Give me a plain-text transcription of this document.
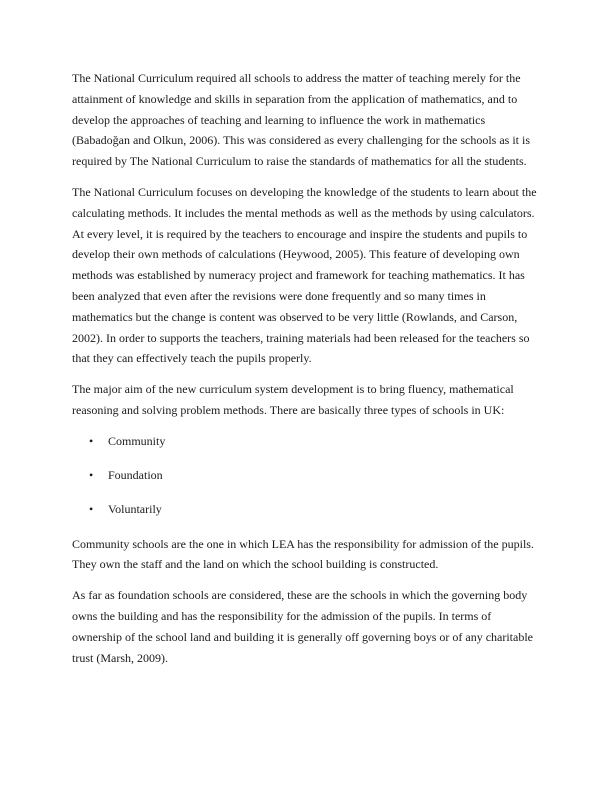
The National Curriculum required all schools to address the matter of teaching merely for the attainment of knowledge and skills in separation from the application of mathematics, and to develop the approaches of teaching and learning to influence the work in mathematics (Babadoğan and Olkun, 2006). This was considered as every challenging for the schools as it is required by The National Curriculum to raise the standards of mathematics for all the students.

The National Curriculum focuses on developing the knowledge of the students to learn about the calculating methods. It includes the mental methods as well as the methods by using calculators. At every level, it is required by the teachers to encourage and inspire the students and pupils to develop their own methods of calculations (Heywood, 2005). This feature of developing own methods was established by numeracy project and framework for teaching mathematics. It has been analyzed that even after the revisions were done frequently and so many times in mathematics but the change is content was observed to be very little (Rowlands, and Carson, 2002). In order to supports the teachers, training materials had been released for the teachers so that they can effectively teach the pupils properly.

The major aim of the new curriculum system development is to bring fluency, mathematical reasoning and solving problem methods. There are basically three types of schools in UK:

• Community
• Foundation
• Voluntarily

Community schools are the one in which LEA has the responsibility for admission of the pupils. They own the staff and the land on which the school building is constructed.

As far as foundation schools are considered, these are the schools in which the governing body owns the building and has the responsibility for the admission of the pupils. In terms of ownership of the school land and building it is generally off governing boys or of any charitable trust (Marsh, 2009).
